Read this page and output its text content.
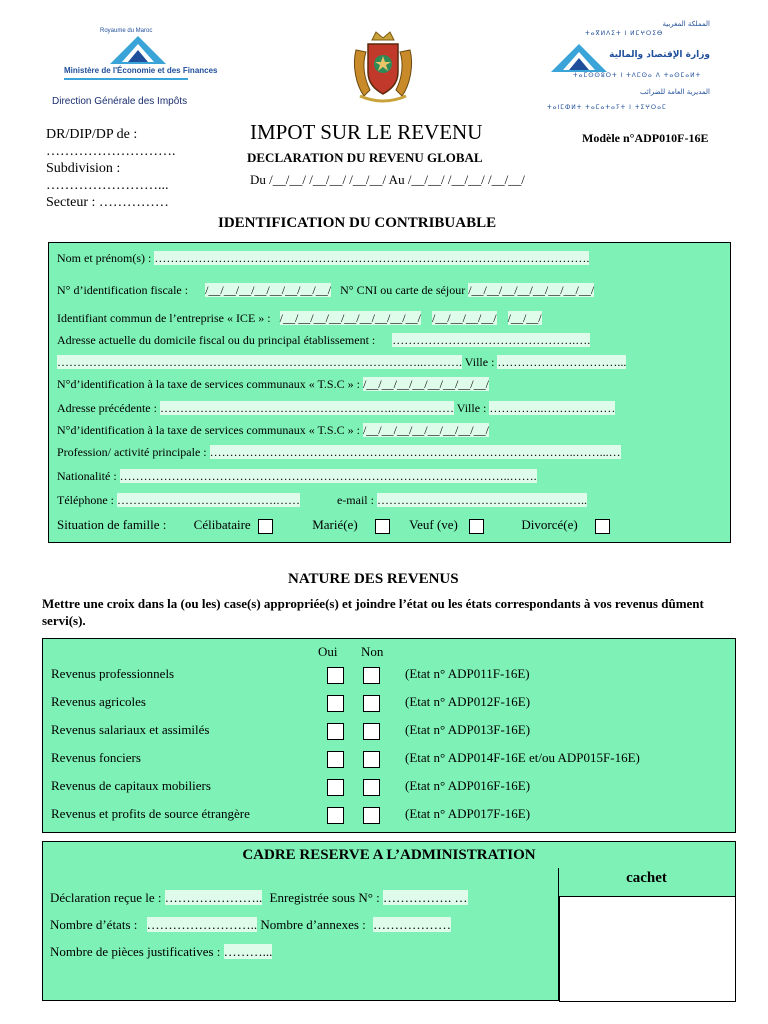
Royaume du Maroc
Ministère de l'Économie et des Finances
Direction Générale des Impôts
المملكة المغربية
ⵜⴰⴳⵍⴷⵉⵜ ⵏ ⵍⵎⵖⵔⵉⴱ
وزارة الإقتصاد والمالية
ⵜⴰⵎⵙⵙⵓⵔⵜ ⵏ ⵜⴷⵎⵙⴰ ⴷ ⵜⴰⵙⵎⴰⵍⵜ
المديرية العامة للضرائب
ⵜⴰⵏⵎⵀⵍⵜ ⵜⴰⵎⴰⵜⴰⵢⵜ ⵏ ⵜⵉⵖⵔⴰⵎ
DR/DIP/DP de :
……………………….
Subdivision :
……………………...
Secteur : ……………
IMPOT SUR LE REVENU
DECLARATION DU REVENU GLOBAL
Du /__/__/ /__/__/ /__/__/ Au /__/__/ /__/__/ /__/__/
Modèle n°ADP010F-16E
IDENTIFICATION DU CONTRIBUABLE
Nom et prénom(s) : ……………………………………………………………………………………………….
N° d’identification fiscale : /__/__/__/__/__/__/__/__/ N° CNI ou carte de séjour /__/__/__/__/__/__/__/__/
Identifiant commun de l’entreprise « ICE » : /__/__/__/__/__/__/__/__/__/ /__/__/__/__/ /__/__/
Adresse actuelle du domicile fiscal ou du principal établissement : ……………………………………….….
………………………………………………………………………………..………. Ville : …………………………...
N°d’identification à la taxe de services communaux « T.S.C » : /__/__/__/__/__/__/__/__/
Adresse précédente : …………………………………………………..…………… Ville : …………..………………
N°d’identification à la taxe de services communaux « T.S.C » : /__/__/__/__/__/__/__/__/
Profession/ activité principale : ………………………………………………………………………………..……...…
Nationalité : ……………………………………………………………………………………..…….
Téléphone : ………………………………….……	e-mail : ……………………………………………..
Situation de famille : Célibataire	Marié(e)	Veuf (ve)	Divorcé(e)
NATURE DES REVENUS
Mettre une croix dans la (ou les) case(s) appropriée(s) et joindre l’état ou les états correspondants à vos revenus dûment servi(s).
Oui Non
Revenus professionnels	(Etat n° ADP011F-16E)
Revenus agricoles	(Etat n° ADP012F-16E)
Revenus salariaux et assimilés	(Etat n° ADP013F-16E)
Revenus fonciers	(Etat n° ADP014F-16E et/ou ADP015F-16E)
Revenus de capitaux mobiliers	(Etat n° ADP016F-16E)
Revenus et profits de source étrangère	(Etat n° ADP017F-16E)
CADRE RESERVE A L’ADMINISTRATION
cachet
Déclaration reçue le : ………………….. Enregistrée sous N° : ……………. …
Nombre d’états : …………………….. Nombre d’annexes : ………………
Nombre de pièces justificatives : ………...
